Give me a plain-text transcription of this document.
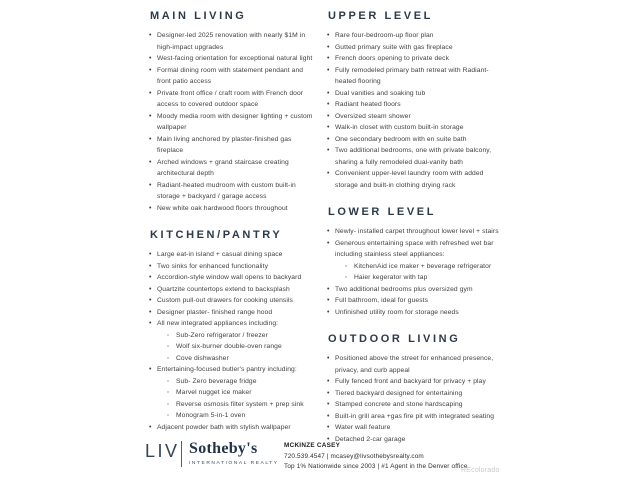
MAIN LIVING
• Designer-led 2025 renovation with nearly $1M in high-impact upgrades
• West-facing orientation for exceptional natural light
• Formal dining room with statement pendant and front patio access
• Private front office / craft room with French door access to covered outdoor space
• Moody media room with designer lighting + custom wallpaper
• Main living anchored by plaster-finished gas fireplace
• Arched windows + grand staircase creating architectural depth
• Radiant-heated mudroom with custom built-in storage + backyard / garage access
• New white oak hardwood floors throughout
KITCHEN/PANTRY
• Large eat-in island + casual dining space
• Two sinks for enhanced functionality
• Accordion-style window wall opens to backyard
• Quartzite countertops extend to backsplash
• Custom pull-out drawers for cooking utensils
• Designer plaster- finished range hood
• All new integrated appliances including:
◦ Sub-Zero refrigerator / freezer
◦ Wolf six-burner double-oven range
◦ Cove dishwasher
• Entertaining-focused butler's pantry including:
◦ Sub- Zero beverage fridge
◦ Marvel nugget ice maker
◦ Reverse osmosis filter system + prep sink
◦ Monogram 5-in-1 oven
• Adjacent powder bath with stylish wallpaper
UPPER LEVEL
• Rare four-bedroom-up floor plan
• Gutted primary suite with gas fireplace
• French doors opening to private deck
• Fully remodeled primary bath retreat with Radiant-heated flooring
• Dual vanities and soaking tub
• Radiant heated floors
• Oversized steam shower
• Walk-in closet with custom built-in storage
• One secondary bedroom with en suite bath
• Two additional bedrooms, one with private balcony, sharing a fully remodeled dual-vanity bath
• Convenient upper-level laundry room with added storage and built-in clothing drying rack
LOWER LEVEL
• Newly- installed carpet throughout lower level + stairs
• Generous entertaining space with refreshed wet bar including stainless steel appliances:
◦ KitchenAid ice maker + beverage refrigerator
◦ Haier kegerator with tap
• Two additional bedrooms plus oversized gym
• Full bathroom, ideal for guests
• Unfinished utility room for storage needs
OUTDOOR LIVING
• Positioned above the street for enhanced presence, privacy, and curb appeal
• Fully fenced front and backyard for privacy + play
• Tiered backyard designed for entertaining
• Stamped concrete and stone hardscaping
• Built-in grill area +gas fire pit with integrated seating
• Water wall feature
• Detached 2-car garage
LIV Sotheby's
INTERNATIONAL REALTY
MCKINZE CASEY
720.539.4547 | mcasey@livsothebysrealty.com
Top 1% Nationwide since 2003 | #1 Agent in the Denver office
REcolorado
